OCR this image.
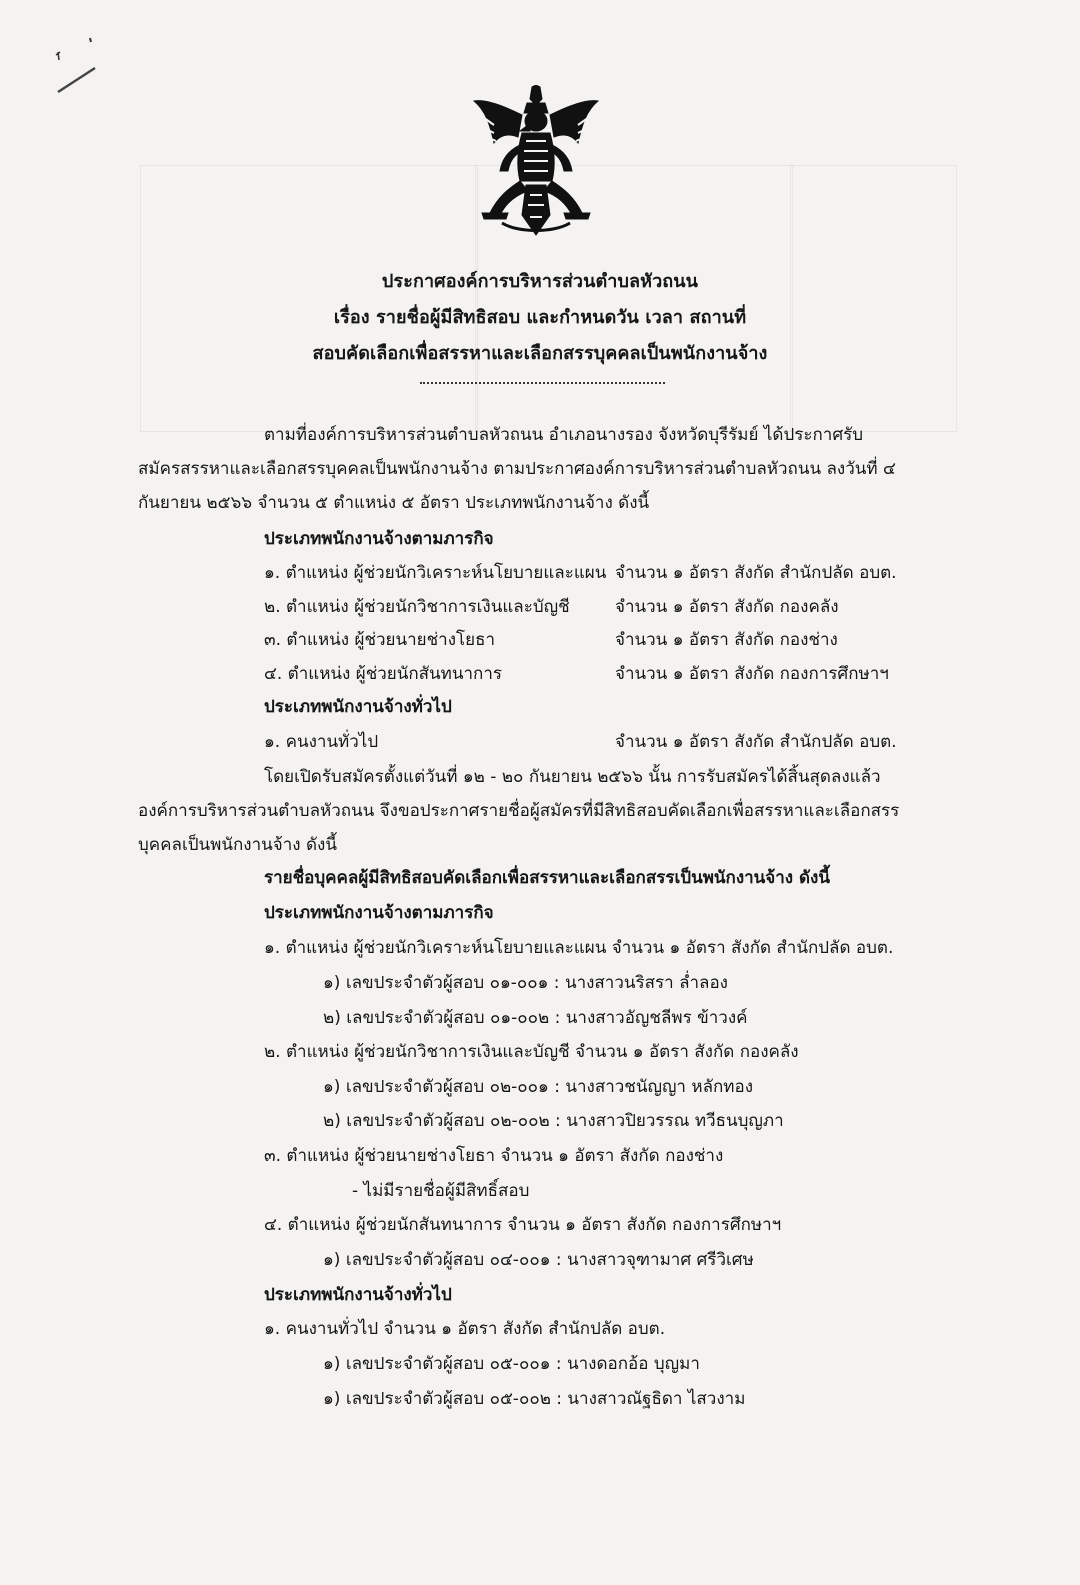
ประกาศองค์การบริหารส่วนตำบลหัวถนน
เรื่อง รายชื่อผู้มีสิทธิสอบ และกำหนดวัน เวลา สถานที่
สอบคัดเลือกเพื่อสรรหาและเลือกสรรบุคคลเป็นพนักงานจ้าง
ตามที่องค์การบริหารส่วนตำบลหัวถนน อำเภอนางรอง จังหวัดบุรีรัมย์ ได้ประกาศรับ
สมัครสรรหาและเลือกสรรบุคคลเป็นพนักงานจ้าง ตามประกาศองค์การบริหารส่วนตำบลหัวถนน ลงวันที่ ๔
กันยายน ๒๕๖๖ จำนวน ๕ ตำแหน่ง ๕ อัตรา ประเภทพนักงานจ้าง ดังนี้
ประเภทพนักงานจ้างตามภารกิจ
๑. ตำแหน่ง ผู้ช่วยนักวิเคราะห์นโยบายและแผน จำนวน ๑ อัตรา สังกัด สำนักปลัด อบต.
๒. ตำแหน่ง ผู้ช่วยนักวิชาการเงินและบัญชี	จำนวน ๑ อัตรา สังกัด กองคลัง
๓. ตำแหน่ง ผู้ช่วยนายช่างโยธา	จำนวน ๑ อัตรา สังกัด กองช่าง
๔. ตำแหน่ง ผู้ช่วยนักสันทนาการ	จำนวน ๑ อัตรา สังกัด กองการศึกษาฯ
ประเภทพนักงานจ้างทั่วไป
๑. คนงานทั่วไป	จำนวน ๑ อัตรา สังกัด สำนักปลัด อบต.
โดยเปิดรับสมัครตั้งแต่วันที่ ๑๒ - ๒๐ กันยายน ๒๕๖๖ นั้น การรับสมัครได้สิ้นสุดลงแล้ว
องค์การบริหารส่วนตำบลหัวถนน จึงขอประกาศรายชื่อผู้สมัครที่มีสิทธิสอบคัดเลือกเพื่อสรรหาและเลือกสรร
บุคคลเป็นพนักงานจ้าง ดังนี้
รายชื่อบุคคลผู้มีสิทธิสอบคัดเลือกเพื่อสรรหาและเลือกสรรเป็นพนักงานจ้าง ดังนี้
ประเภทพนักงานจ้างตามภารกิจ
๑. ตำแหน่ง ผู้ช่วยนักวิเคราะห์นโยบายและแผน จำนวน ๑ อัตรา สังกัด สำนักปลัด อบต.
๑) เลขประจำตัวผู้สอบ ๐๑-๐๐๑ : นางสาวนริสรา ล่ำลอง
๒) เลขประจำตัวผู้สอบ ๐๑-๐๐๒ : นางสาวอัญชลีพร ข้าวงค์
๒. ตำแหน่ง ผู้ช่วยนักวิชาการเงินและบัญชี จำนวน ๑ อัตรา สังกัด กองคลัง
๑) เลขประจำตัวผู้สอบ ๐๒-๐๐๑ : นางสาวชนัญญา หลักทอง
๒) เลขประจำตัวผู้สอบ ๐๒-๐๐๒ : นางสาวปิยวรรณ ทวีธนบุญภา
๓. ตำแหน่ง ผู้ช่วยนายช่างโยธา จำนวน ๑ อัตรา สังกัด กองช่าง
- ไม่มีรายชื่อผู้มีสิทธิ์สอบ
๔. ตำแหน่ง ผู้ช่วยนักสันทนาการ จำนวน ๑ อัตรา สังกัด กองการศึกษาฯ
๑) เลขประจำตัวผู้สอบ ๐๔-๐๐๑ : นางสาวจุฑามาศ ศรีวิเศษ
ประเภทพนักงานจ้างทั่วไป
๑. คนงานทั่วไป จำนวน ๑ อัตรา สังกัด สำนักปลัด อบต.
๑) เลขประจำตัวผู้สอบ ๐๕-๐๐๑ : นางดอกอ้อ บุญมา
๑) เลขประจำตัวผู้สอบ ๐๕-๐๐๒ : นางสาวณัฐธิดา ไสวงาม
